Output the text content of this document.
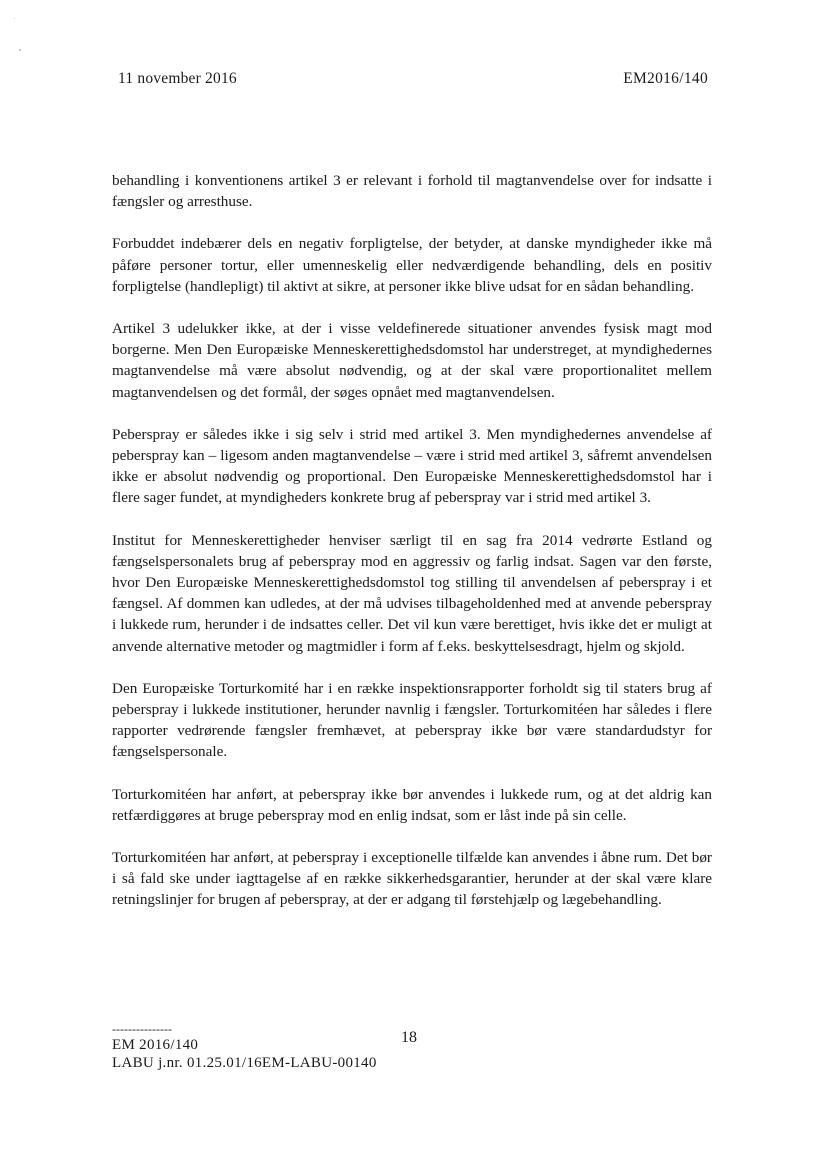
11 november 2016	EM2016/140

behandling i konventionens artikel 3 er relevant i forhold til magtanvendelse over for indsatte i fængsler og arresthuse.

Forbuddet indebærer dels en negativ forpligtelse, der betyder, at danske myndigheder ikke må påføre personer tortur, eller umenneskelig eller nedværdigende behandling, dels en positiv forpligtelse (handlepligt) til aktivt at sikre, at personer ikke blive udsat for en sådan behandling.

Artikel 3 udelukker ikke, at der i visse veldefinerede situationer anvendes fysisk magt mod borgerne. Men Den Europæiske Menneskerettighedsdomstol har understreget, at myndighedernes magtanvendelse må være absolut nødvendig, og at der skal være proportionalitet mellem magtanvendelsen og det formål, der søges opnået med magtanvendelsen.

Peberspray er således ikke i sig selv i strid med artikel 3. Men myndighedernes anvendelse af peberspray kan – ligesom anden magtanvendelse – være i strid med artikel 3, såfremt anvendelsen ikke er absolut nødvendig og proportional. Den Europæiske Menneskerettighedsdomstol har i flere sager fundet, at myndigheders konkrete brug af peberspray var i strid med artikel 3.

Institut for Menneskerettigheder henviser særligt til en sag fra 2014 vedrørte Estland og fængselspersonalets brug af peberspray mod en aggressiv og farlig indsat. Sagen var den første, hvor Den Europæiske Menneskerettighedsdomstol tog stilling til anvendelsen af peberspray i et fængsel. Af dommen kan udledes, at der må udvises tilbageholdenhed med at anvende peberspray i lukkede rum, herunder i de indsattes celler. Det vil kun være berettiget, hvis ikke det er muligt at anvende alternative metoder og magtmidler i form af f.eks. beskyttelsesdragt, hjelm og skjold.

Den Europæiske Torturkomité har i en række inspektionsrapporter forholdt sig til staters brug af peberspray i lukkede institutioner, herunder navnlig i fængsler. Torturkomitéen har således i flere rapporter vedrørende fængsler fremhævet, at peberspray ikke bør være standardudstyr for fængselspersonale.

Torturkomitéen har anført, at peberspray ikke bør anvendes i lukkede rum, og at det aldrig kan retfærdiggøres at bruge peberspray mod en enlig indsat, som er låst inde på sin celle.

Torturkomitéen har anført, at peberspray i exceptionelle tilfælde kan anvendes i åbne rum. Det bør i så fald ske under iagttagelse af en række sikkerhedsgarantier, herunder at der skal være klare retningslinjer for brugen af peberspray, at der er adgang til førstehjælp og lægebehandling.

18
---------------
EM 2016/140
LABU j.nr. 01.25.01/16EM-LABU-00140
